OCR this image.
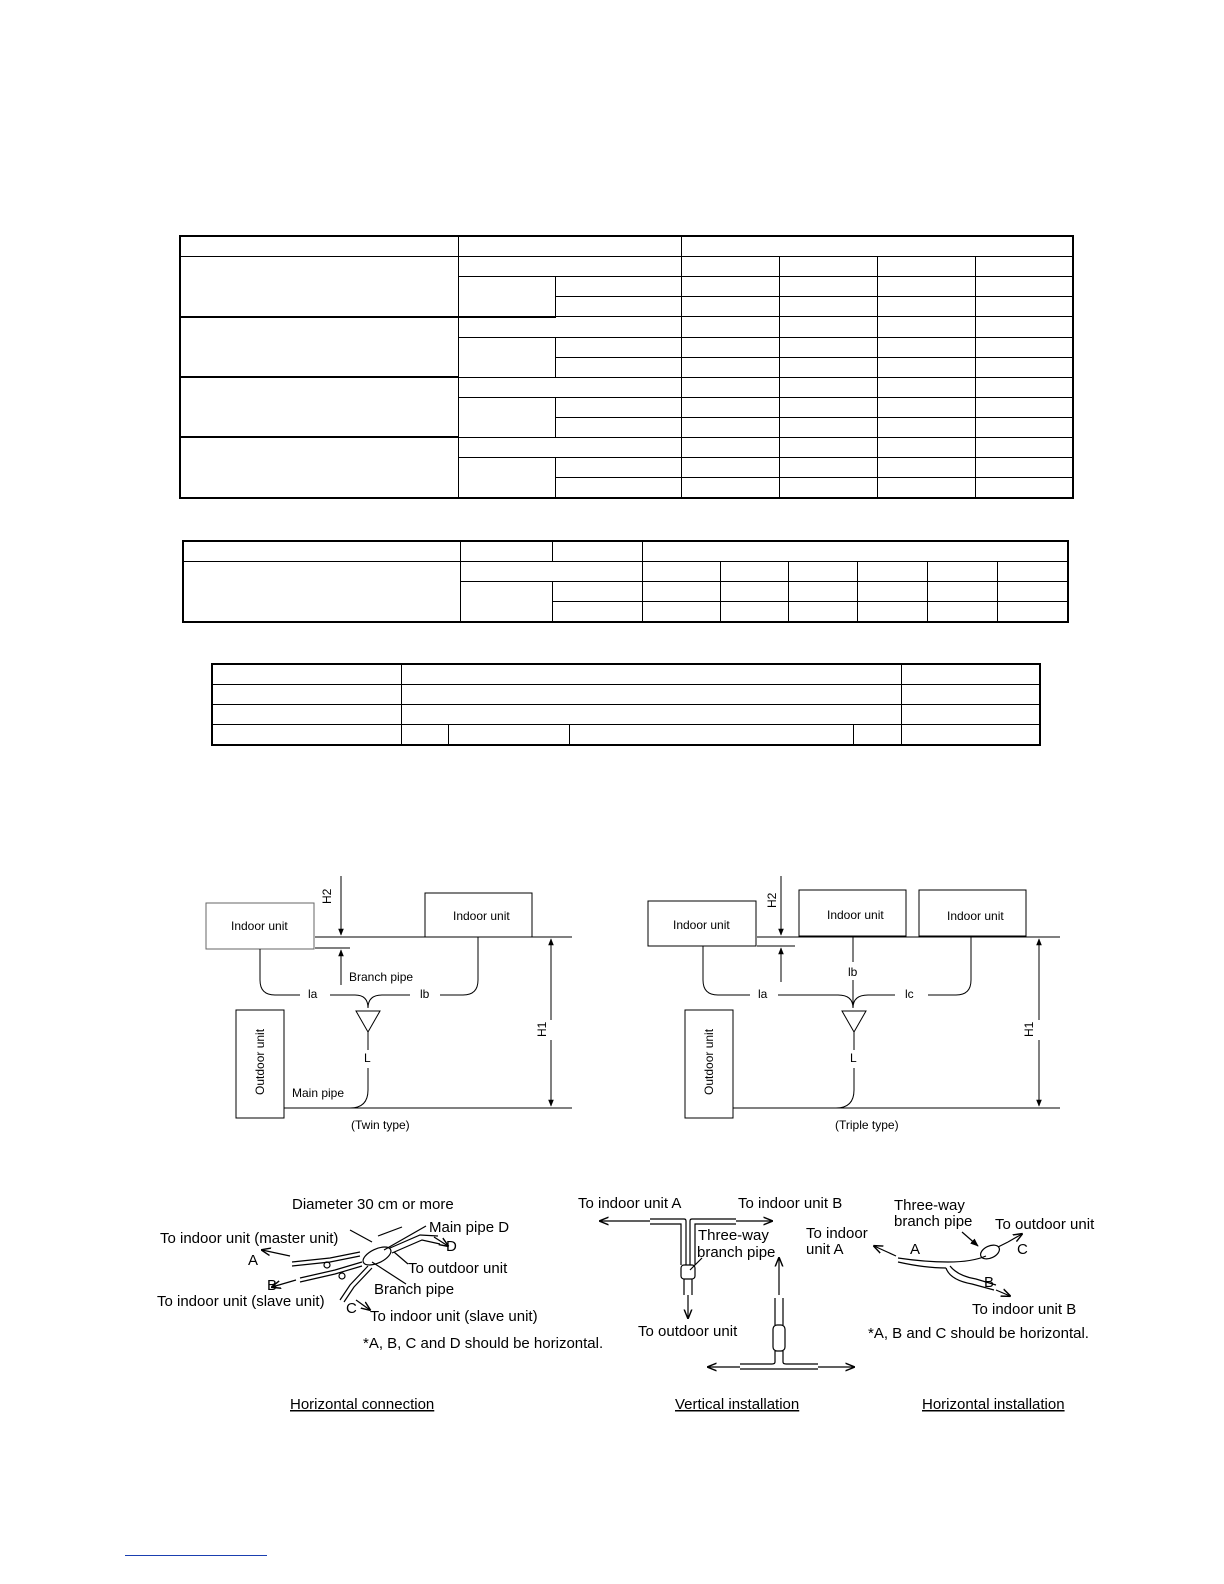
Indoor unit
Indoor unit
Outdoor unit
Branch pipe
Main pipe
la	lb
L
H1
H2
(Twin type)
Indoor unit
Indoor unit	Indoor unit
Outdoor unit
la
lb
lc
L
H1
H2
(Triple type)
Diameter 30 cm or more
Main pipe D
To indoor unit (master unit)
A
D
To outdoor unit
B	Branch pipe
To indoor unit (slave unit) C To indoor unit (slave unit)
*A, B, C and D should be horizontal.
Horizontal connection
To indoor unit A	To indoor unit B
Three-way
branch pipe
To outdoor unit
Vertical installation
To indoor
unit A
Three-way
branch pipe To outdoor unit
A	C
B
To indoor unit B
*A, B and C should be horizontal.
Horizontal installation
